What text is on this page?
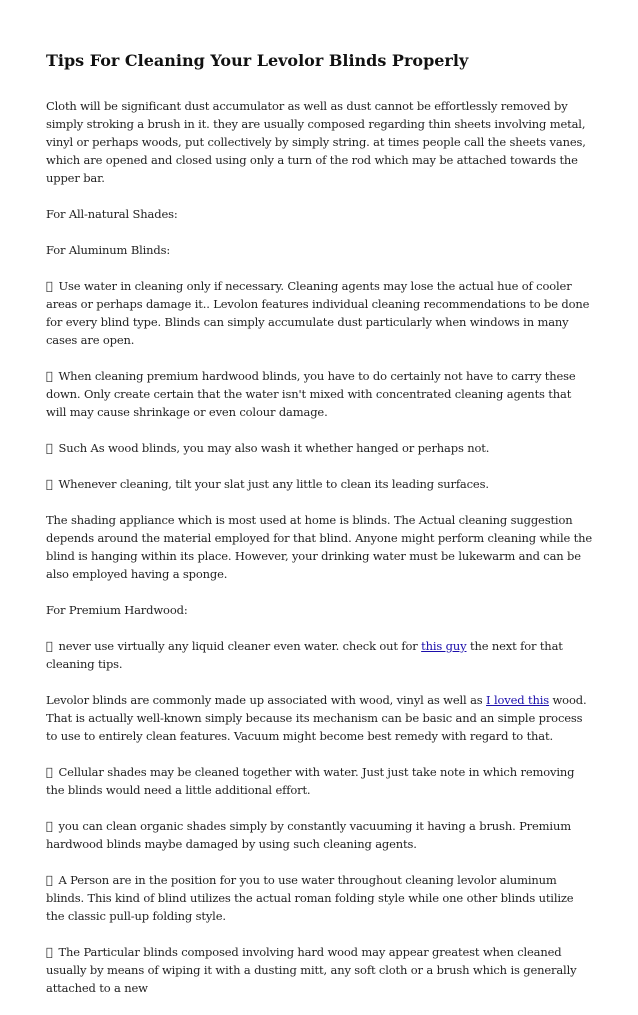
Tips For Cleaning Your Levolor Blinds Properly

Cloth will be significant dust accumulator as well as dust cannot be effortlessly removed by simply stroking a brush in it. they are usually composed regarding thin sheets involving metal, vinyl or perhaps woods, put collectively by simply string. at times people call the sheets vanes, which are opened and closed using only a turn of the rod which may be attached towards the upper bar.

For All-natural Shades:

For Aluminum Blinds:

Use water in cleaning only if necessary. Cleaning agents may lose the actual hue of cooler areas or perhaps damage it.. Levolon features individual cleaning recommendations to be done for every blind type. Blinds can simply accumulate dust particularly when windows in many cases are open.

When cleaning premium hardwood blinds, you have to do certainly not have to carry these down. Only create certain that the water isn't mixed with concentrated cleaning agents that will may cause shrinkage or even colour damage.

Such As wood blinds, you may also wash it whether hanged or perhaps not.

Whenever cleaning, tilt your slat just any little to clean its leading surfaces.

The shading appliance which is most used at home is blinds. The Actual cleaning suggestion depends around the material employed for that blind. Anyone might perform cleaning while the blind is hanging within its place. However, your drinking water must be lukewarm and can be also employed having a sponge.

For Premium Hardwood:

never use virtually any liquid cleaner even water. check out for this guy the next for that cleaning tips.

Levolor blinds are commonly made up associated with wood, vinyl as well as I loved this wood. That is actually well-known simply because its mechanism can be basic and an simple process to use to entirely clean features. Vacuum might become best remedy with regard to that.

Cellular shades may be cleaned together with water. Just just take note in which removing the blinds would need a little additional effort.

you can clean organic shades simply by constantly vacuuming it having a brush. Premium hardwood blinds maybe damaged by using such cleaning agents.

A Person are in the position for you to use water throughout cleaning levolor aluminum blinds. This kind of blind utilizes the actual roman folding style while one other blinds utilize the classic pull-up folding style.

The Particular blinds composed involving hard wood may appear greatest when cleaned usually by means of wiping it with a dusting mitt, any soft cloth or a brush which is generally attached to a new
